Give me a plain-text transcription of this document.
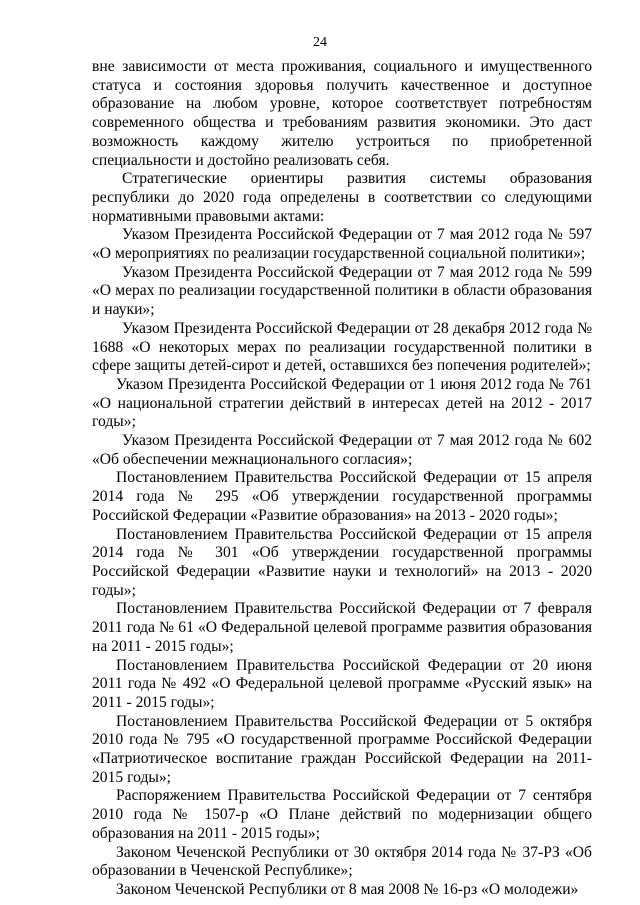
24

вне зависимости от места проживания, социального и имущественного статуса и состояния здоровья получить качественное и доступное образование на любом уровне, которое соответствует потребностям современного общества и требованиям развития экономики. Это даст возможность каждому жителю устроиться по приобретенной специальности и достойно реализовать себя.

Стратегические ориентиры развития системы образования республики до 2020 года определены в соответствии со следующими нормативными правовыми актами:

Указом Президента Российской Федерации от 7 мая 2012 года № 597 «О мероприятиях по реализации государственной социальной политики»;

Указом Президента Российской Федерации от 7 мая 2012 года № 599 «О мерах по реализации государственной политики в области образования и науки»;

Указом Президента Российской Федерации от 28 декабря 2012 года № 1688 «О некоторых мерах по реализации государственной политики в сфере защиты детей-сирот и детей, оставшихся без попечения родителей»;

Указом Президента Российской Федерации от 1 июня 2012 года № 761 «О национальной стратегии действий в интересах детей на 2012 - 2017 годы»;

Указом Президента Российской Федерации от 7 мая 2012 года № 602 «Об обеспечении межнационального согласия»;

Постановлением Правительства Российской Федерации от 15 апреля 2014 года № 295 «Об утверждении государственной программы Российской Федерации «Развитие образования» на 2013 - 2020 годы»;

Постановлением Правительства Российской Федерации от 15 апреля 2014 года № 301 «Об утверждении государственной программы Российской Федерации «Развитие науки и технологий» на 2013 - 2020 годы»;

Постановлением Правительства Российской Федерации от 7 февраля 2011 года № 61 «О Федеральной целевой программе развития образования на 2011 - 2015 годы»;

Постановлением Правительства Российской Федерации от 20 июня 2011 года № 492 «О Федеральной целевой программе «Русский язык» на 2011 - 2015 годы»;

Постановлением Правительства Российской Федерации от 5 октября 2010 года № 795 «О государственной программе Российской Федерации «Патриотическое воспитание граждан Российской Федерации на 2011-2015 годы»;

Распоряжением Правительства Российской Федерации от 7 сентября 2010 года № 1507-р «О Плане действий по модернизации общего образования на 2011 - 2015 годы»;

Законом Чеченской Республики от 30 октября 2014 года № 37-РЗ «Об образовании в Чеченской Республике»;

Законом Чеченской Республики от 8 мая 2008 № 16-рз «О молодежи»
